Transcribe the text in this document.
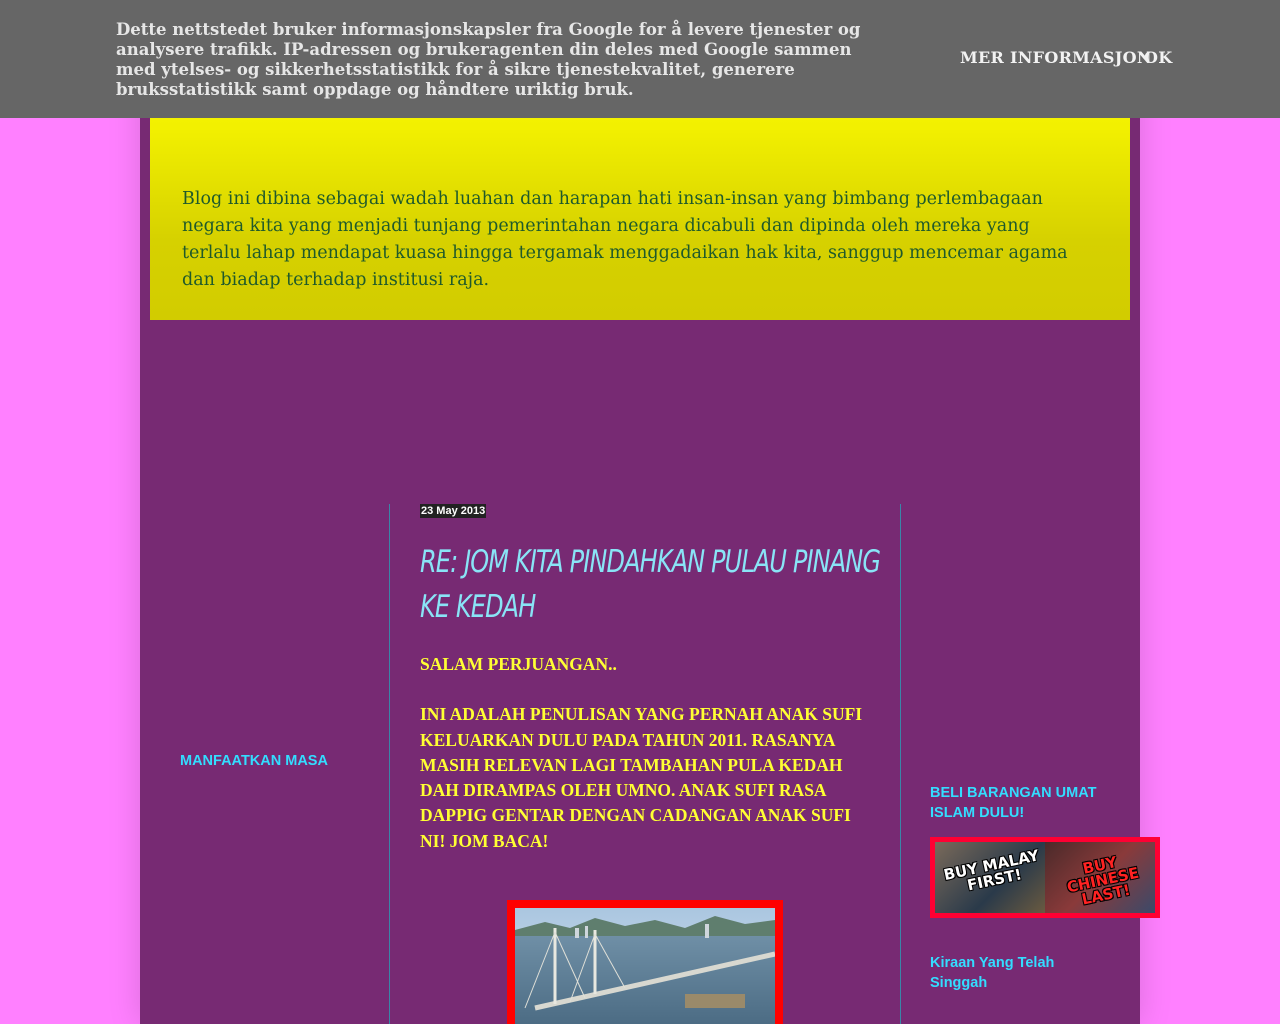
Blog ini dibina sebagai wadah luahan dan harapan hati insan-insan yang bimbang perlembagaan negara kita yang menjadi tunjang pemerintahan negara dicabuli dan dipinda oleh mereka yang terlalu lahap mendapat kuasa hingga tergamak menggadaikan hak kita, sanggup mencemar agama dan biadap terhadap institusi raja.
Dette nettstedet bruker informasjonskapsler fra Google for å levere tjenester og analysere trafikk. IP-adressen og brukeragenten din deles med Google sammen med ytelses- og sikkerhetsstatistikk for å sikre tjenestekvalitet, generere bruksstatistikk samt oppdage og håndtere uriktig bruk.
MER INFORMASJON
OK
MANFAATKAN MASA
23 May 2013
RE: JOM KITA PINDAHKAN PULAU PINANG KE KEDAH

SALAM PERJUANGAN..

INI ADALAH PENULISAN YANG PERNAH ANAK SUFI KELUARKAN DULU PADA TAHUN 2011. RASANYA MASIH RELEVAN LAGI TAMBAHAN PULA KEDAH DAH DIRAMPAS OLEH UMNO. ANAK SUFI RASA DAPPIG GENTAR DENGAN CADANGAN ANAK SUFI NI! JOM BACA!

BELI BARANGAN UMAT ISLAM DULU!
BUY MALAY FIRST!	BUY CHINESE LAST!
Kiraan Yang Telah Singgah
